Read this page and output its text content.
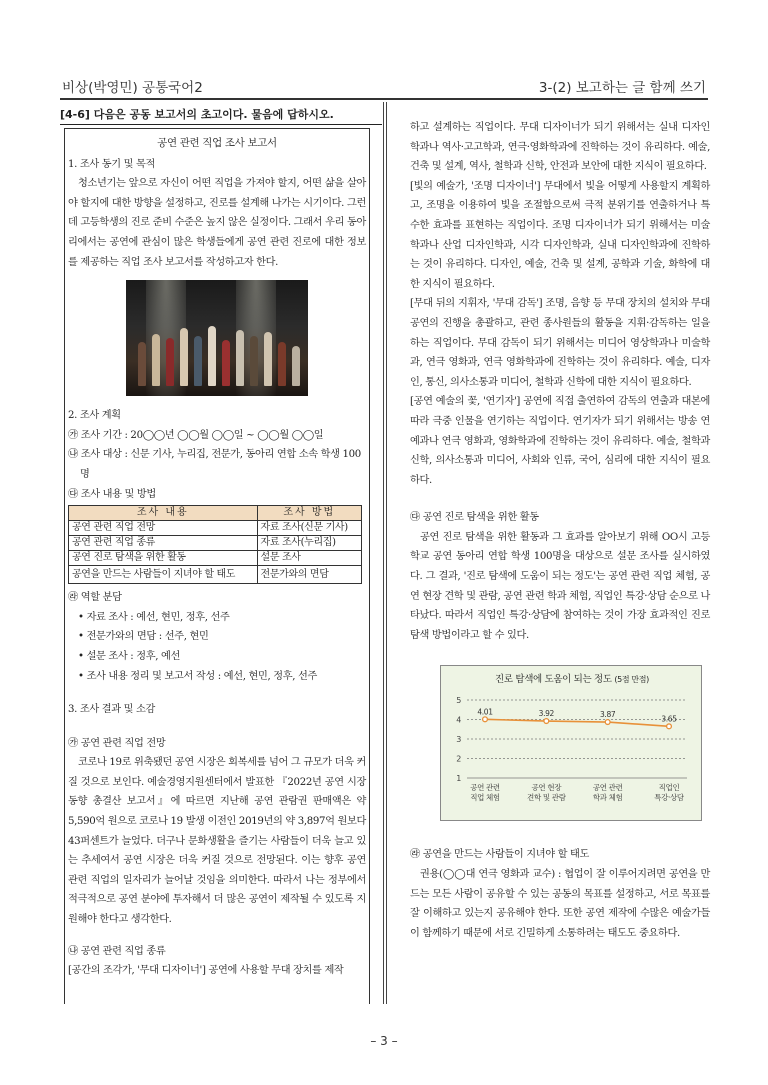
비상(박영민) 공통국어2	3-(2) 보고하는 글 함께 쓰기
[4-6] 다음은 공동 보고서의 초고이다. 물음에 답하시오.
공연 관련 직업 조사 보고서
1. 조사 동기 및 목적

청소년기는 앞으로 자신이 어떤 직업을 가져야 할지, 어떤 삶을 살아야 할지에 대한 방향을 설정하고, 진로를 설계해 나가는 시기이다. 그런데 고등학생의 진로 준비 수준은 높지 않은 실정이다. 그래서 우리 동아리에서는 공연에 관심이 많은 학생들에게 공연 관련 진로에 대한 정보를 제공하는 직업 조사 보고서를 작성하고자 한다.

2. 조사 계획
㉮ 조사 기간 : 20◯◯년 ◯◯월 ◯◯일 ~ ◯◯월 ◯◯일
㉯ 조사 대상 : 신문 기사, 누리집, 전문가, 동아리 연합 소속 학생 100명
㉰ 조사 내용 및 방법
조사 내용	조사 방법
공연 관련 직업 전망	자료 조사(신문 기사)
공연 관련 직업 종류	자료 조사(누리집)
공연 진로 탐색을 위한 활동	설문 조사
공연을 만드는 사람들이 지녀야 할 태도	전문가와의 면담
㉱ 역할 분담
• 자료 조사 : 예선, 현민, 정후, 선주
• 전문가와의 면담 : 선주, 현민
• 설문 조사 : 정후, 예선
• 조사 내용 정리 및 보고서 작성 : 예선, 현민, 정후, 선주
3. 조사 결과 및 소감
㉮ 공연 관련 직업 전망

코로나 19로 위축됐던 공연 시장은 회복세를 넘어 그 규모가 더욱 커질 것으로 보인다. 예술경영지원센터에서 발표한 『2022년 공연 시장 동향 총결산 보고서』에 따르면 지난해 공연 관람권 판매액은 약 5,590억 원으로 코로나 19 발생 이전인 2019년의 약 3,897억 원보다 43퍼센트가 늘었다. 더구나 문화생활을 즐기는 사람들이 더욱 늘고 있는 추세여서 공연 시장은 더욱 커질 것으로 전망된다. 이는 향후 공연 관련 직업의 일자리가 늘어날 것임을 의미한다. 따라서 나는 정부에서 적극적으로 공연 분야에 투자해서 더 많은 공연이 제작될 수 있도록 지원해야 한다고 생각한다.

㉯ 공연 관련 직업 종류

[공간의 조각가, '무대 디자이너'] 공연에 사용할 무대 장치를 제작

하고 설계하는 직업이다. 무대 디자이너가 되기 위해서는 실내 디자인학과나 역사·고고학과, 연극·영화학과에 진학하는 것이 유리하다. 예술, 건축 및 설계, 역사, 철학과 신학, 안전과 보안에 대한 지식이 필요하다.

[빛의 예술가, '조명 디자이너'] 무대에서 빛을 어떻게 사용할지 계획하고, 조명을 이용하여 빛을 조절함으로써 극적 분위기를 연출하거나 특수한 효과를 표현하는 직업이다. 조명 디자이너가 되기 위해서는 미술학과나 산업 디자인학과, 시각 디자인학과, 실내 디자인학과에 진학하는 것이 유리하다. 디자인, 예술, 건축 및 설계, 공학과 기술, 화학에 대한 지식이 필요하다.

[무대 뒤의 지휘자, '무대 감독'] 조명, 음향 등 무대 장치의 설치와 무대 공연의 진행을 총괄하고, 관련 종사원들의 활동을 지휘·감독하는 일을 하는 직업이다. 무대 감독이 되기 위해서는 미디어 영상학과나 미술학과, 연극 영화과, 연극 영화학과에 진학하는 것이 유리하다. 예술, 디자인, 통신, 의사소통과 미디어, 철학과 신학에 대한 지식이 필요하다.

[공연 예술의 꽃, '연기자'] 공연에 직접 출연하여 감독의 연출과 대본에 따라 극중 인물을 연기하는 직업이다. 연기자가 되기 위해서는 방송 연예과나 연극 영화과, 영화학과에 진학하는 것이 유리하다. 예술, 철학과 신학, 의사소통과 미디어, 사회와 인류, 국어, 심리에 대한 지식이 필요하다.

㉰ 공연 진로 탐색을 위한 활동

공연 진로 탐색을 위한 활동과 그 효과를 알아보기 위해 OO시 고등학교 공연 동아리 연합 학생 100명을 대상으로 설문 조사를 실시하였다. 그 결과, '진로 탐색에 도움이 되는 정도'는 공연 관련 직업 체험, 공연 현장 견학 및 관람, 공연 관련 학과 체험, 직업인 특강·상담 순으로 나타났다. 따라서 직업인 특강·상담에 참여하는 것이 가장 효과적인 진로 탐색 방법이라고 할 수 있다.

진로 탐색에 도움이 되는 정도 (5점 만점)
1
2
3
4
5
4.01
공연 관련
직업 체험
3.92
공연 현장
견학 및 관람
3.87
공연 관련
학과 체험
3.65
직업인
특강·상담
㉱ 공연을 만드는 사람들이 지녀야 할 태도

권용(◯◯대 연극 영화과 교수) : 협업이 잘 이루어지려면 공연을 만드는 모든 사람이 공유할 수 있는 공동의 목표를 설정하고, 서로 목표를 잘 이해하고 있는지 공유해야 한다. 또한 공연 제작에 수많은 예술가들이 함께하기 때문에 서로 긴밀하게 소통하려는 태도도 중요하다.

– 3 –
